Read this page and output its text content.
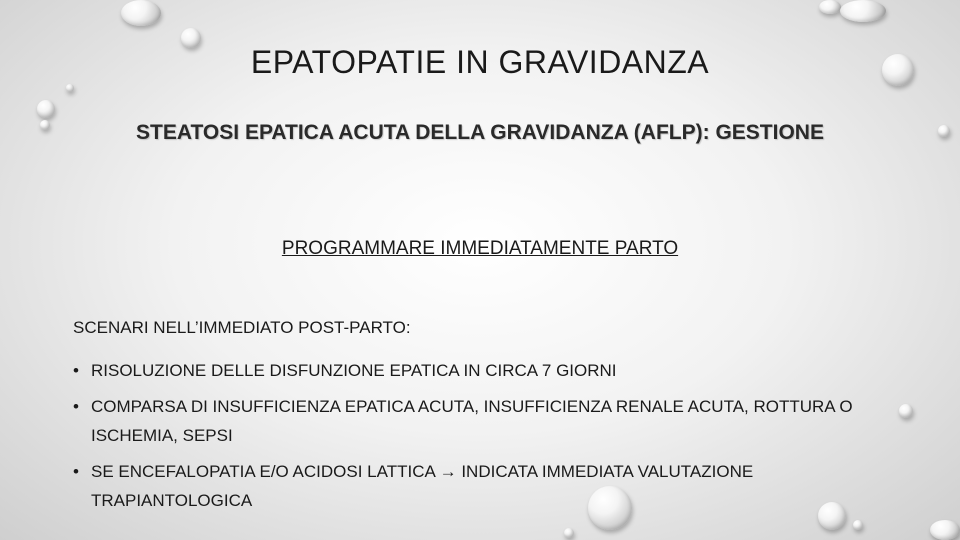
EPATOPATIE IN GRAVIDANZA
STEATOSI EPATICA ACUTA DELLA GRAVIDANZA (AFLP): GESTIONE
PROGRAMMARE IMMEDIATAMENTE PARTO
SCENARI NELL’IMMEDIATO POST-PARTO:
• RISOLUZIONE DELLE DISFUNZIONE EPATICA IN CIRCA 7 GIORNI
• COMPARSA DI INSUFFICIENZA EPATICA ACUTA, INSUFFICIENZA RENALE ACUTA, ROTTURA O ISCHEMIA, SEPSI
• SE ENCEFALOPATIA E/O ACIDOSI LATTICA → INDICATA IMMEDIATA VALUTAZIONE TRAPIANTOLOGICA
